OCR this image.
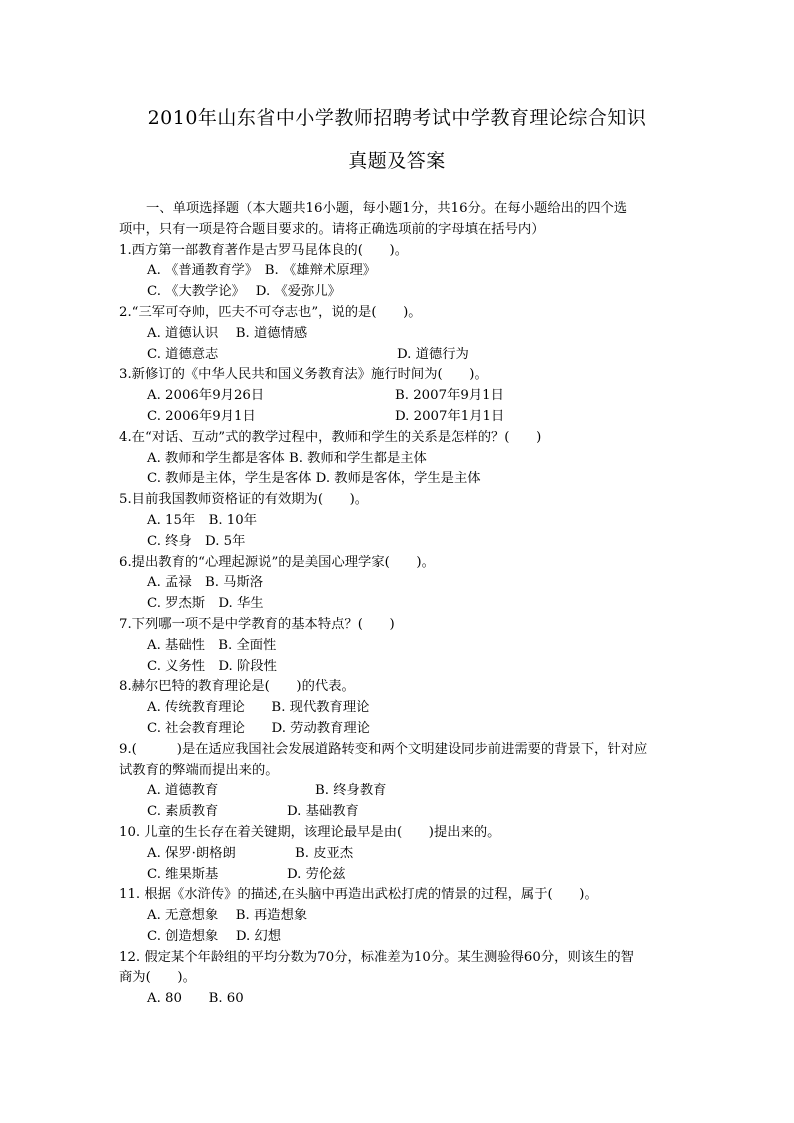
2010年山东省中小学教师招聘考试中学教育理论综合知识
真题及答案
一、单项选择题（本大题共16小题，每小题1分，共16分。在每小题给出的四个选
项中，只有一项是符合题目要求的。请将正确选项前的字母填在括号内）
1.西方第一部教育著作是古罗马昆体良的(　　)。
A. 《普通教育学》　B. 《雄辩术原理》
C. 《大教学论》　 D. 《爱弥儿》
2.“三军可夺帅，匹夫不可夺志也”，说的是(　　)。
A. 道德认识　 B. 道德情感
C. 道德意志	D. 道德行为
3.新修订的《中华人民共和国义务教育法》施行时间为(　　)。
A. 2006年9月26日	B. 2007年9月1日
C. 2006年9月1日	D. 2007年1月1日
4.在“对话、互动”式的教学过程中，教师和学生的关系是怎样的？(　　)
A. 教师和学生都是客体 B. 教师和学生都是主体
C. 教师是主体，学生是客体 D. 教师是客体，学生是主体
5.目前我国教师资格证的有效期为(　　)。
A. 15年　B. 10年
C. 终身　D. 5年
6.提出教育的“心理起源说”的是美国心理学家(　　)。
A. 孟禄　B. 马斯洛
C. 罗杰斯　D. 华生
7.下列哪一项不是中学教育的基本特点？(　　)
A. 基础性　B. 全面性
C. 义务性　D. 阶段性
8.赫尔巴特的教育理论是(　　)的代表。
A. 传统教育理论　　B. 现代教育理论
C. 社会教育理论　　D. 劳动教育理论
9.(　　　)是在适应我国社会发展道路转变和两个文明建设同步前进需要的背景下，针对应
试教育的弊端而提出来的。
A. 道德教育	B. 终身教育
C. 素质教育	D. 基础教育
10. 儿童的生长存在着关键期，该理论最早是由(　　)提出来的。
A. 保罗·朗格朗	B. 皮亚杰
C. 维果斯基	D. 劳伦兹
11. 根据《水浒传》的描述,在头脑中再造出武松打虎的情景的过程，属于(　　)。
A. 无意想象　 B. 再造想象
C. 创造想象　 D. 幻想
12. 假定某个年龄组的平均分数为70分，标准差为10分。某生测验得60分，则该生的智
商为(　　)。
A. 80　　B. 60
